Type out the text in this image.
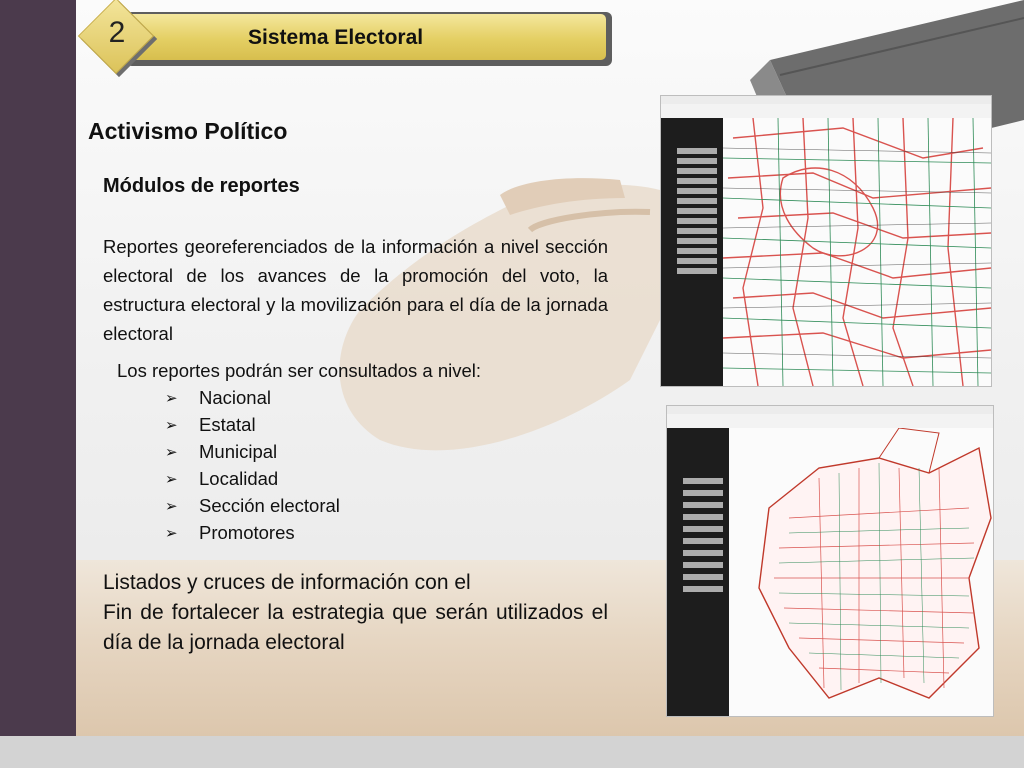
Sistema Electoral
2
Activismo Político
Módulos de reportes
Reportes georeferenciados de la información a nivel sección electoral de los avances de la promoción del voto, la estructura electoral y la movilización para el día de la jornada electoral
Los reportes podrán ser consultados a nivel:
➢	Nacional
➢	Estatal
➢	Municipal
➢	Localidad
➢	Sección electoral
➢	Promotores
Listados y cruces de información con el
Fin de fortalecer la estrategia que serán utilizados el día de la jornada electoral
